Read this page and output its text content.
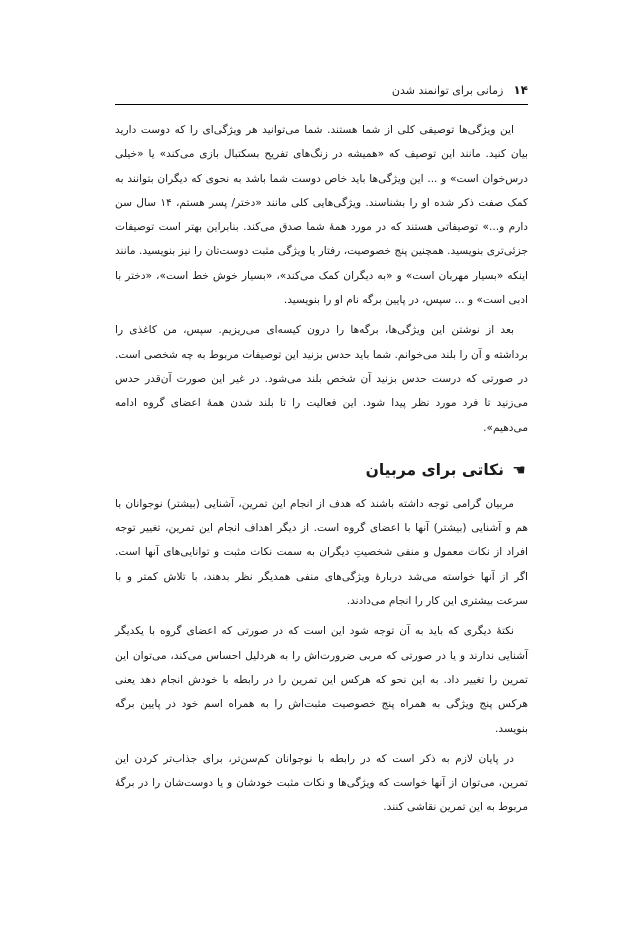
۱۴
زمانی برای توانمند شدن

این ویژگی‌ها توصیفی کلی از شما هستند. شما می‌توانید هر ویژگی‌ای را که دوست دارید بیان کنید. مانند این توصیف که «همیشه در زنگ‌های تفریح بسکتبال بازی می‌کند» یا «خیلی درس‌خوان است» و ... این ویژگی‌ها باید خاص دوست شما باشد به نحوی که دیگران بتوانند به کمک صفت ذکر شده او را بشناسند. ویژگی‌هایی کلی مانند «دختر/ پسر هستم، ۱۴ سال سن دارم و...» توصیفاتی هستند که در مورد همهٔ شما صدق می‌کند. بنابراین بهتر است توصیفات جزئی‌تری بنویسید. همچنین پنج خصوصیت، رفتار یا ویژگی مثبت دوست‌تان را نیز بنویسید. مانند اینکه «بسیار مهربان است» و «به دیگران کمک می‌کند»، «بسیار خوش خط است»، «دختر با ادبی است» و ... سپس، در پایین برگه نام او را بنویسید.

بعد از نوشتن این ویژگی‌ها، برگه‌ها را درون کیسه‌ای می‌ریزیم. سپس، من کاغذی را برداشته و آن را بلند می‌خوانم. شما باید حدس بزنید این توصیفات مربوط به چه شخصی است. در صورتی که درست حدس بزنید آن شخص بلند می‌شود. در غیر این صورت آن‌قدر حدس می‌زنید تا فرد مورد نظر پیدا شود. این فعالیت را تا بلند شدن همهٔ اعضای گروه ادامه می‌دهیم».

☚
نکاتی برای مربیان

مربیان گرامی توجه داشته باشند که هدف از انجام این تمرین، آشنایی (بیشتر) نوجوانان با هم و آشنایی (بیشتر) آنها با اعضای گروه است. از دیگر اهداف انجام این تمرین، تغییر توجه افراد از نکات معمول و منفی شخصیتِ دیگران به سمت نکات مثبت و توانایی‌های آنها است. اگر از آنها خواسته می‌شد دربارهٔ ویژگی‌های منفی همدیگر نظر بدهند، با تلاش کمتر و با سرعت بیشتری این کار را انجام می‌دادند.

نکتهٔ دیگری که باید به آن توجه شود این است که در صورتی که اعضای گروه با یکدیگر آشنایی ندارند و یا در صورتی که مربی ضرورت‌اش را به هردلیل احساس می‌کند، می‌توان این تمرین را تغییر داد. به این نحو که هرکس این تمرین را در رابطه با خودش انجام دهد یعنی هرکس پنج ویژگی به همراه پنج خصوصیت مثبت‌اش را به همراه اسم خود در پایین برگه بنویسد.

در پایان لازم به ذکر است که در رابطه با نوجوانان کم‌سن‌تر، برای جذاب‌تر کردن این تمرین، می‌توان از آنها خواست که ویژگی‌ها و نکات مثبت خودشان و یا دوست‌شان را در برگهٔ مربوط به این تمرین نقاشی کنند.
